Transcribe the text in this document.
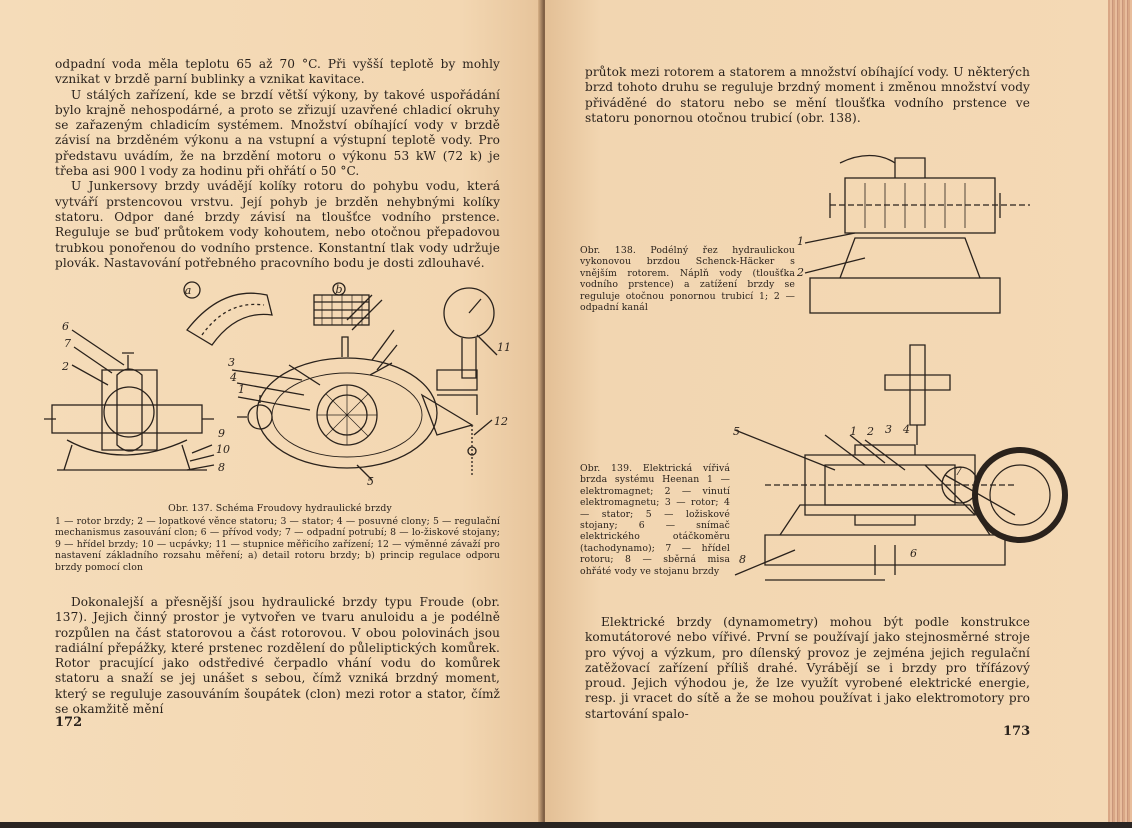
odpadní voda měla teplotu 65 až 70 °C. Při vyšší teplotě by mohly vznikat v brzdě parní bublinky a vznikat kavitace.

U stálých zařízení, kde se brzdí větší výkony, by takové uspořádání bylo krajně nehospodárné, a proto se zřizují uzavřené chladicí okruhy se zařazeným chladicím systémem. Množství obíhající vody v brzdě závisí na brzděném výkonu a na vstupní a výstupní teplotě vody. Pro představu uvádím, že na brzdění motoru o výkonu 53 kW (72 k) je třeba asi 900 l vody za hodinu při ohřátí o 50 °C.

U Junkersovy brzdy uvádějí kolíky rotoru do pohybu vodu, která vytváří prstencovou vrstvu. Její pohyb je brzděn nehybnými kolíky statoru. Odpor dané brzdy závisí na tloušťce vodního prstence. Reguluje se buď průtokem vody kohoutem, nebo otočnou přepadovou trubkou ponořenou do vodního prstence. Konstantní tlak vody udržuje plovák. Nastavování potřebného pracovního bodu je dosti zdlouhavé.

a	b
1
2	3
4
5
6
7
8
9
10
11
12
Obr. 137. Schéma Froudovy hydraulické brzdy
1 — rotor brzdy; 2 — lopatkové věnce statoru; 3 — stator; 4 — posuvné clony; 5 — regulační mechanismus zasouvání clon; 6 — přívod vody; 7 — odpadní potrubí; 8 — lo-žiskové stojany; 9 — hřídel brzdy; 10 — ucpávky; 11 — stupnice měřicího zařízení; 12 — výměnné závaží pro nastavení základního rozsahu měření; a) detail rotoru brzdy; b) princip regulace odporu brzdy pomocí clon

Dokonalejší a přesnější jsou hydraulické brzdy typu Froude (obr. 137). Jejich činný prostor je vytvořen ve tvaru anuloidu a je podélně rozpůlen na část statorovou a část rotorovou. V obou polovinách jsou radiální přepážky, které prstenec rozdělení do půleliptických komůrek. Rotor pracující jako odstředivé čerpadlo vhání vodu do komůrek statoru a snaží se jej unášet s sebou, čímž vzniká brzdný moment, který se reguluje zasouváním šoupátek (clon) mezi rotor a stator, čímž se okamžitě mění

172

průtok mezi rotorem a statorem a množství obíhající vody. U některých brzd tohoto druhu se reguluje brzdný moment i změnou množství vody přiváděné do statoru nebo se mění tloušťka vodního prstence ve statoru ponornou otočnou trubicí (obr. 138).

1
2
Obr. 138. Podélný řez hydraulickou vykonovou brzdou Schenck-Häcker s vnějším rotorem. Náplň vody (tloušťka vodního prstence) a zatížení brzdy se reguluje otočnou ponornou trubicí 1; 2 — odpadní kanál
1 2 3 4
5
6
7
8
Obr. 139. Elektrická vířivá brzda systému Heenan 1 — elektromagnet; 2 — vinutí elektromagnetu; 3 — rotor; 4 — stator; 5 — ložiskové stojany; 6 — snímač elektrického otáčkoměru (tachodynamo); 7 — hřídel rotoru; 8 — sběrná misa ohřáté vody ve stojanu brzdy

Elektrické brzdy (dynamometry) mohou být podle konstrukce komutátorové nebo vířivé. První se používají jako stejnosměrné stroje pro vývoj a výzkum, pro dílenský provoz je zejména jejich regulační zatěžovací zařízení příliš drahé. Vyrábějí se i brzdy pro třífázový proud. Jejich výhodou je, že lze využít vyrobené elektrické energie, resp. ji vracet do sítě a že se mohou používat i jako elektromotory pro startování spalo-

173
